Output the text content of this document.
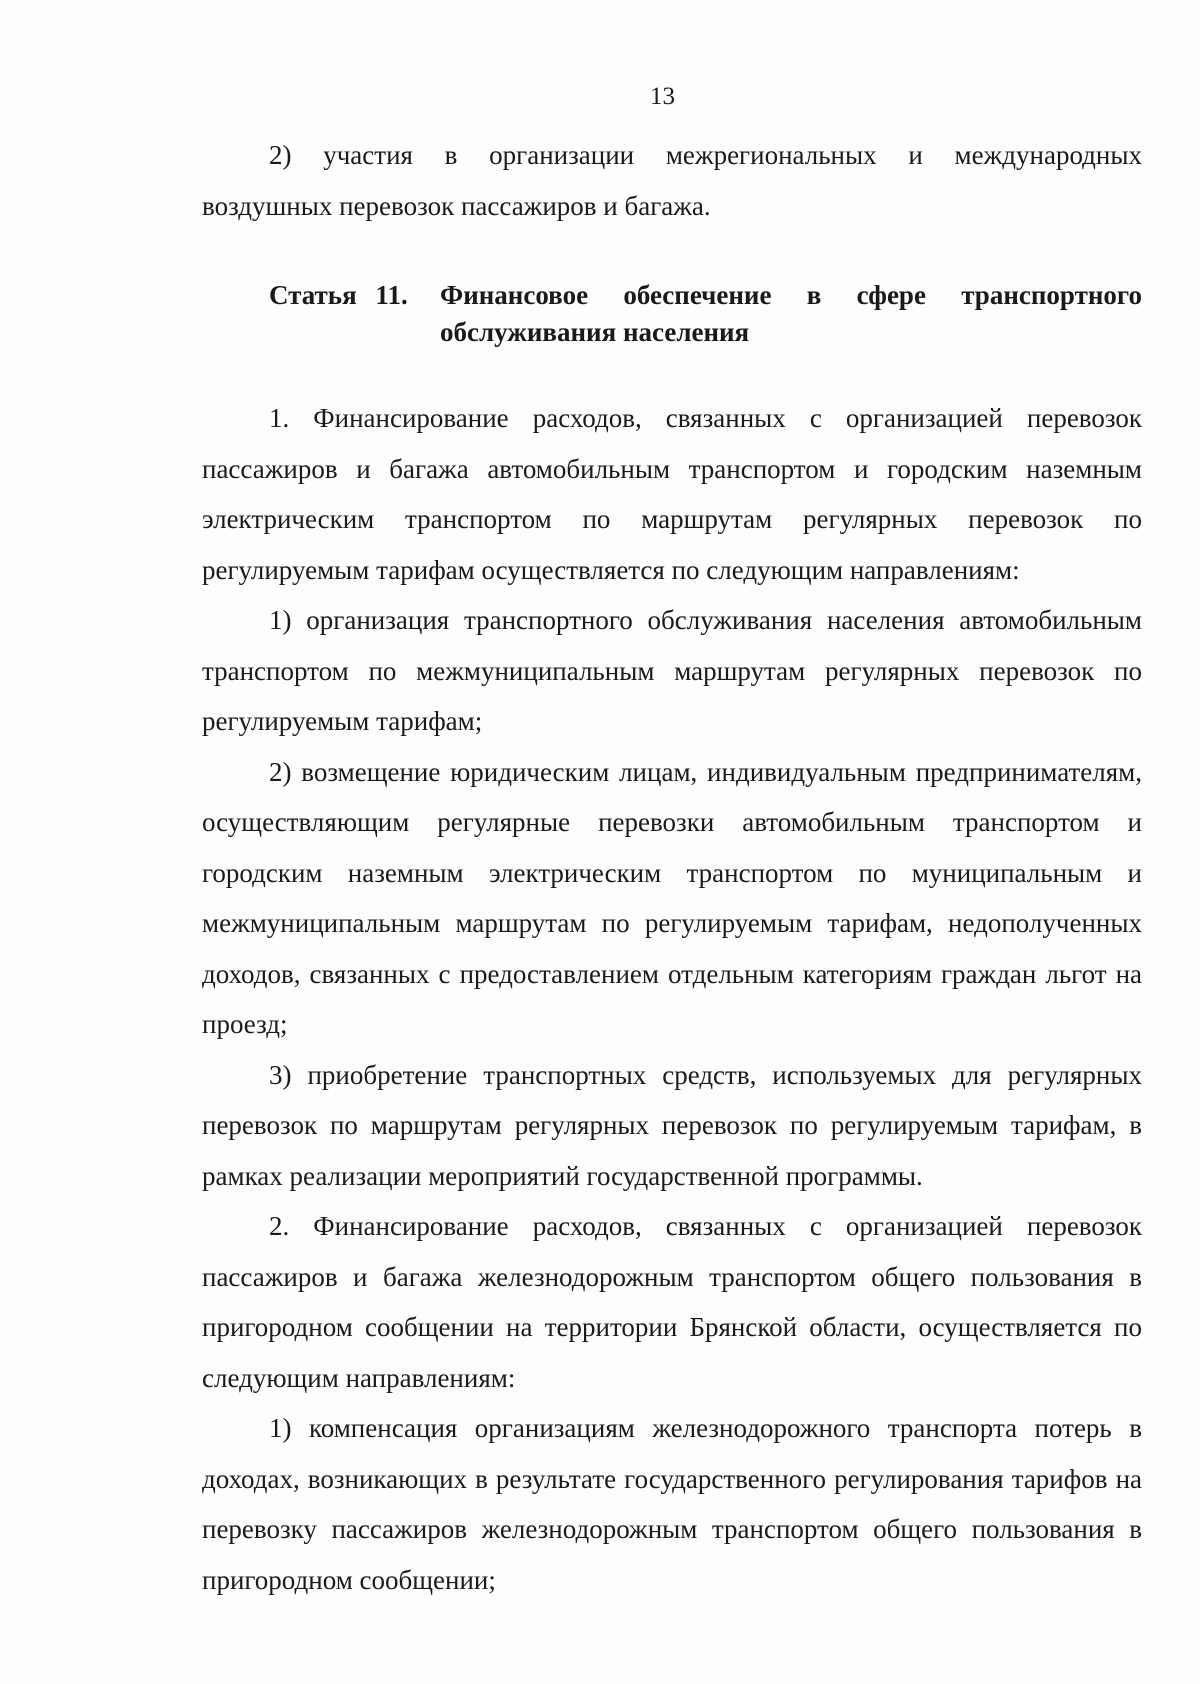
13

2) участия в организации межрегиональных и международных
воздушных перевозок пассажиров и багажа.

Статья 11.	Финансовое обеспечение в сфере транспортного
обслуживания населения

1. Финансирование расходов, связанных с организацией перевозок пассажиров и багажа автомобильным транспортом и городским наземным электрическим транспортом по маршрутам регулярных перевозок по регулируемым тарифам осуществляется по следующим направлениям:

1) организация транспортного обслуживания населения автомобильным транспортом по межмуниципальным маршрутам регулярных перевозок по регулируемым тарифам;

2) возмещение юридическим лицам, индивидуальным предпринимателям, осуществляющим регулярные перевозки автомобильным транспортом и городским наземным электрическим транспортом по муниципальным и межмуниципальным маршрутам по регулируемым тарифам, недополученных доходов, связанных с предоставлением отдельным категориям граждан льгот на проезд;

3) приобретение транспортных средств, используемых для регулярных перевозок по маршрутам регулярных перевозок по регулируемым тарифам, в рамках реализации мероприятий государственной программы.

2. Финансирование расходов, связанных с организацией перевозок пассажиров и багажа железнодорожным транспортом общего пользования в пригородном сообщении на территории Брянской области, осуществляется по следующим направлениям:

1) компенсация организациям железнодорожного транспорта потерь в доходах, возникающих в результате государственного регулирования тарифов на перевозку пассажиров железнодорожным транспортом общего пользования в пригородном сообщении;
